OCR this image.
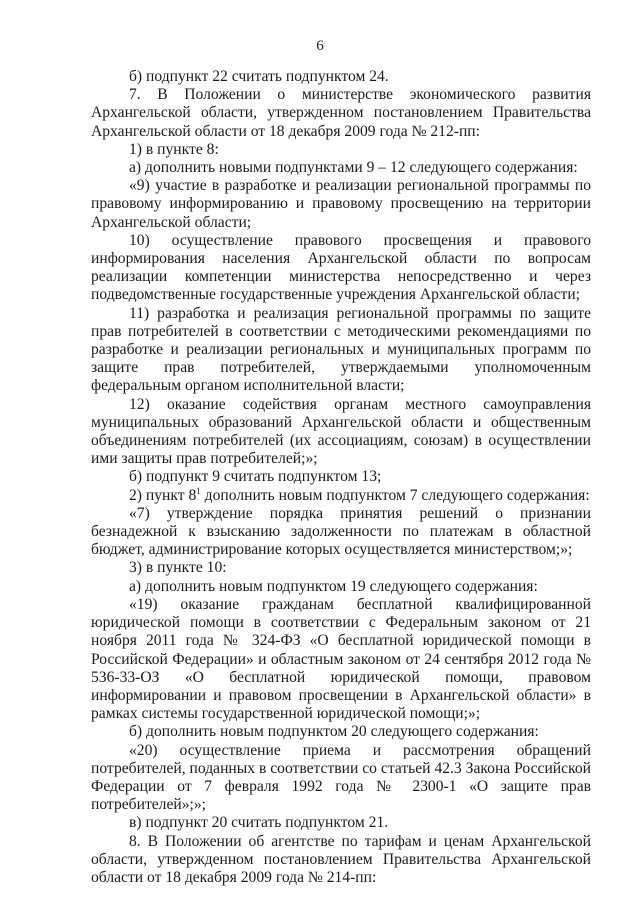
6

б) подпункт 22 считать подпунктом 24.

7. В Положении о министерстве экономического развития Архангельской области, утвержденном постановлением Правительства Архангельской области от 18 декабря 2009 года № 212-пп:

1) в пункте 8:

а) дополнить новыми подпунктами 9 – 12 следующего содержания:

«9) участие в разработке и реализации региональной программы по правовому информированию и правовому просвещению на территории Архангельской области;

10) осуществление правового просвещения и правового информирования населения Архангельской области по вопросам реализации компетенции министерства непосредственно и через подведомственные государственные учреждения Архангельской области;

11) разработка и реализация региональной программы по защите прав потребителей в соответствии с методическими рекомендациями по разработке и реализации региональных и муниципальных программ по защите прав потребителей, утверждаемыми уполномоченным федеральным органом исполнительной власти;

12) оказание содействия органам местного самоуправления муниципальных образований Архангельской области и общественным объединениям потребителей (их ассоциациям, союзам) в осуществлении ими защиты прав потребителей;»;

б) подпункт 9 считать подпунктом 13;

2) пункт $8^1$ дополнить новым подпунктом 7 следующего содержания:

«7) утверждение порядка принятия решений о признании безнадежной к взысканию задолженности по платежам в областной бюджет, администрирование которых осуществляется министерством;»;

3) в пункте 10:

а) дополнить новым подпунктом 19 следующего содержания:

«19) оказание гражданам бесплатной квалифицированной юридической помощи в соответствии с Федеральным законом от 21 ноября 2011 года № 324-ФЗ «О бесплатной юридической помощи в Российской Федерации» и областным законом от 24 сентября 2012 года № 536-33-ОЗ «О бесплатной юридической помощи, правовом информировании и правовом просвещении в Архангельской области» в рамках системы государственной юридической помощи;»;

б) дополнить новым подпунктом 20 следующего содержания:

«20) осуществление приема и рассмотрения обращений потребителей, поданных в соответствии со статьей 42.3 Закона Российской Федерации от 7 февраля 1992 года № 2300-1 «О защите прав потребителей»;»;

в) подпункт 20 считать подпунктом 21.

8. В Положении об агентстве по тарифам и ценам Архангельской области, утвержденном постановлением Правительства Архангельской области от 18 декабря 2009 года № 214-пп:
